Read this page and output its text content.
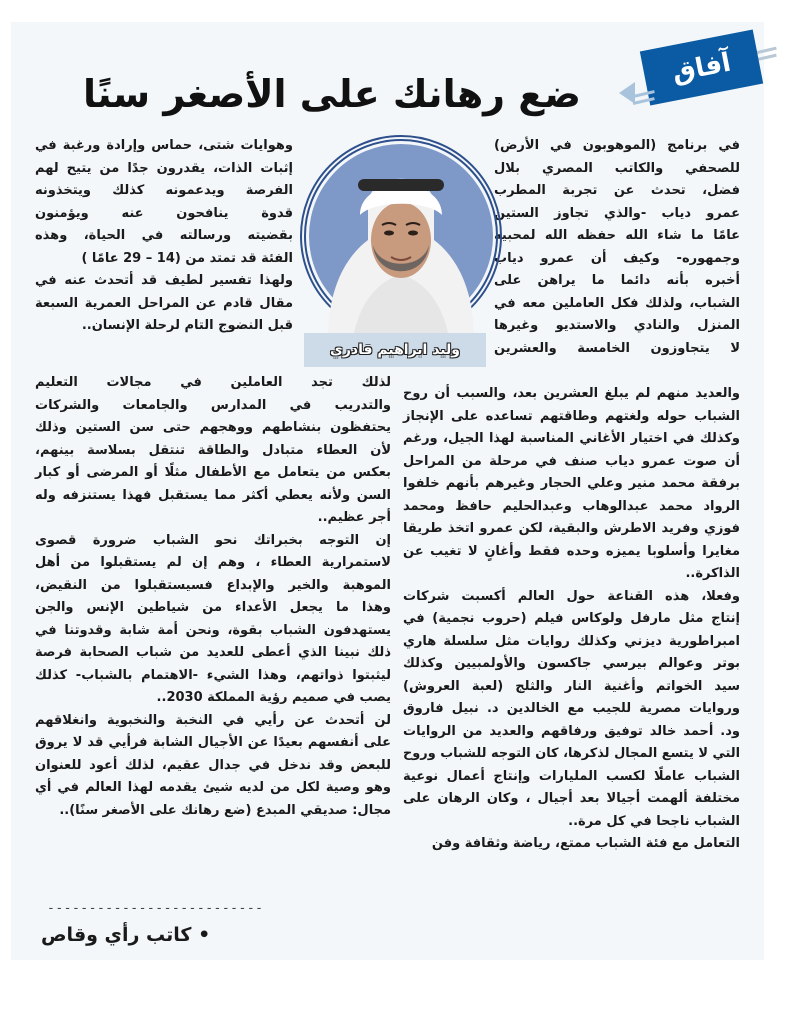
آفاق
ضع رهانك على الأصغر سنًا
في برنامج (الموهوبون في الأرض)
للصحفي والكاتب المصري بلال
فضل، تحدث عن تجربة المطرب
عمرو دياب -والذي تجاوز الستين
عامًا ما شاء الله حفظه الله لمحبيه
وجمهوره- وكيف أن عمرو دياب
أخبره بأنه دائما ما يراهن على
الشباب، ولذلك فكل العاملين معه في
المنزل والنادي والاستديو وغيرها
لا يتجاوزون الخامسة والعشرين
والعديد منهم لم يبلغ العشرين بعد، والسبب أن روح
الشباب حوله ولغتهم وطاقتهم تساعده على الإنجاز
وكذلك في اختيار الأغاني المناسبة لهذا الجيل، ورغم
أن صوت عمرو دياب صنف في مرحلة من المراحل
برفقة محمد منير وعلي الحجار وغيرهم بأنهم خلفوا
الرواد محمد عبدالوهاب وعبدالحليم حافظ ومحمد
فوزي وفريد الاطرش والبقية، لكن عمرو اتخذ طريقا
مغايرا وأسلوبا يميزه وحده فقط وأغانٍ لا تغيب عن
الذاكرة..
وفعلا، هذه القناعة حول العالم أكسبت شركات
إنتاج مثل مارفل ولوكاس فيلم (حروب نجمية) في
امبراطورية ديزني وكذلك روايات مثل سلسلة هاري
بوتر وعوالم بيرسي جاكسون والأولمبيين وكذلك
سيد الخواتم وأغنية النار والثلج (لعبة العروش)
وروايات مصرية للجيب مع الخالدين د. نبيل فاروق
ود. أحمد خالد توفيق ورفاقهم والعديد من الروايات
التي لا يتسع المجال لذكرها، كان التوجه للشباب وروح
الشباب عاملًا لكسب المليارات وإنتاج أعمال نوعية
مختلفة ألهمت أجيالا بعد أجيال ، وكان الرهان على
الشباب ناجحا في كل مرة..
التعامل مع فئة الشباب ممتع، رياضة وثقافة وفن
وهوايات شتى، حماس وإرادة ورغبة في
إثبات الذات، يقدرون جدًا من يتيح لهم
الفرصة ويدعمونه كذلك ويتخذونه
قدوة ينافحون عنه ويؤمنون
بقضيته ورسالته في الحياة، وهذه
الفئة قد تمتد من (14 – 29 عامًا )
ولهذا تفسير لطيف قد أتحدث عنه في
مقال قادم عن المراحل العمرية السبعة
قبل النضوج التام لرحلة الإنسان..
لذلك تجد العاملين في مجالات التعليم
والتدريب في المدارس والجامعات والشركات
يحتفظون بنشاطهم ووهجهم حتى سن الستين وذلك
لأن العطاء متبادل والطاقة تنتقل بسلاسة بينهم،
بعكس من يتعامل مع الأطفال مثلًا أو المرضى أو كبار
السن ولأنه يعطي أكثر مما يستقبل فهذا يستنزفه وله
أجر عظيم..
إن التوجه بخبراتك نحو الشباب ضرورة قصوى
لاستمرارية العطاء ، وهم إن لم يستقبلوا من أهل
الموهبة والخير والإبداع فسيستقبلوا من النقيض،
وهذا ما يجعل الأعداء من شياطين الإنس والجن
يستهدفون الشباب بقوة، ونحن أمة شابة وقدوتنا في
ذلك نبينا الذي أعطى للعديد من شباب الصحابة فرصة
ليثبتوا ذواتهم، وهذا الشيء -الاهتمام بالشباب- كذلك
يصب في صميم رؤية المملكة 2030..
لن أتحدث عن رأيي في النخبة والنخبوية وانغلاقهم
على أنفسهم بعيدًا عن الأجيال الشابة فرأيي قد لا يروق
للبعض وقد ندخل في جدال عقيم، لذلك أعود للعنوان
وهو وصية لكل من لديه شيئ يقدمه لهذا العالم في أي
مجال: صديقي المبدع (ضع رهانك على الأصغر سنًا)..
وليد ابراهيم قادري
--------------------------
• كاتب رأي وقاص
